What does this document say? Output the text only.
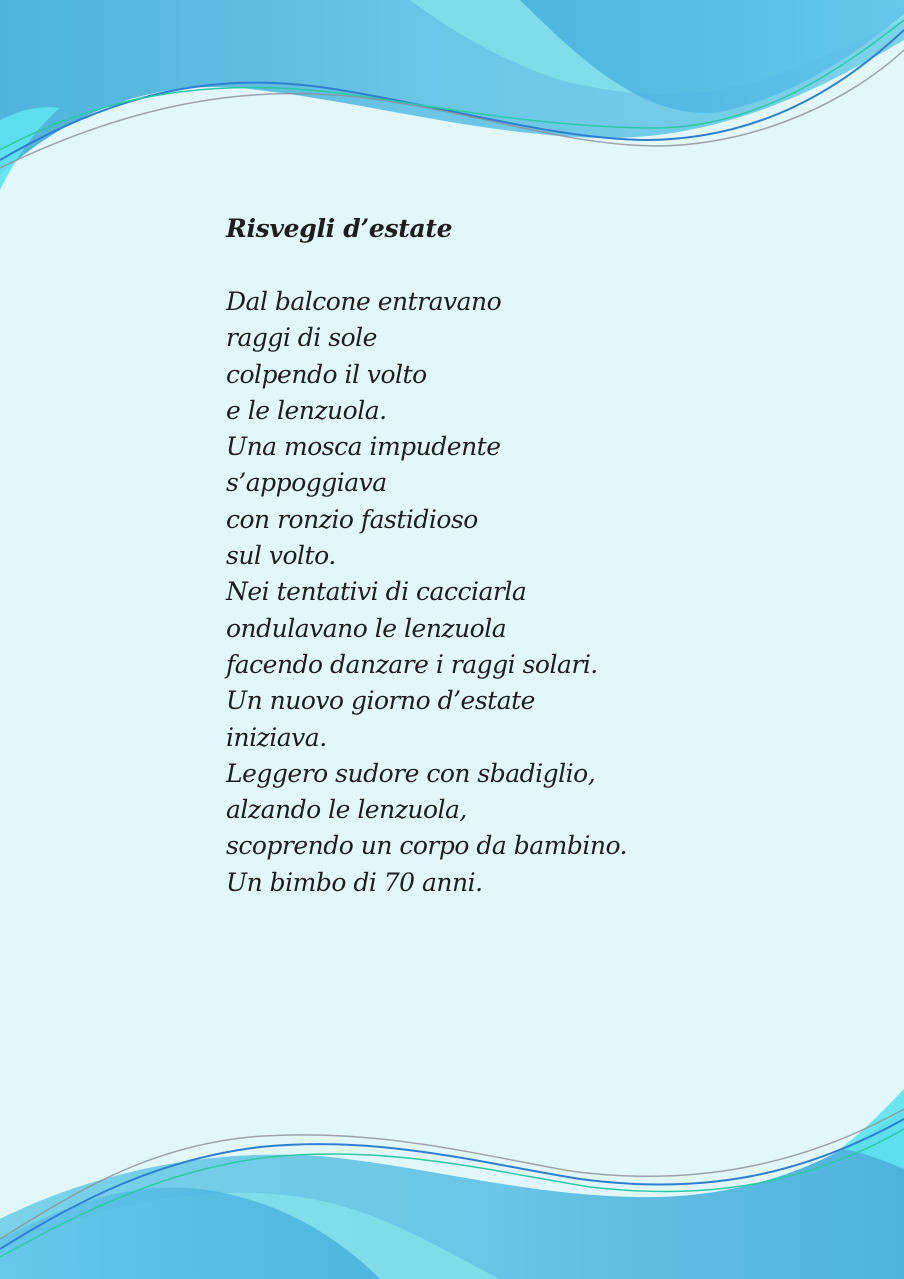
Risvegli d’estate
Dal balcone entravano
raggi di sole
colpendo il volto
e le lenzuola.
Una mosca impudente
s’appoggiava
con ronzio fastidioso
sul volto.
Nei tentativi di cacciarla
ondulavano le lenzuola
facendo danzare i raggi solari.
Un nuovo giorno d’estate
iniziava.
Leggero sudore con sbadiglio,
alzando le lenzuola,
scoprendo un corpo da bambino.
Un bimbo di 70 anni.
